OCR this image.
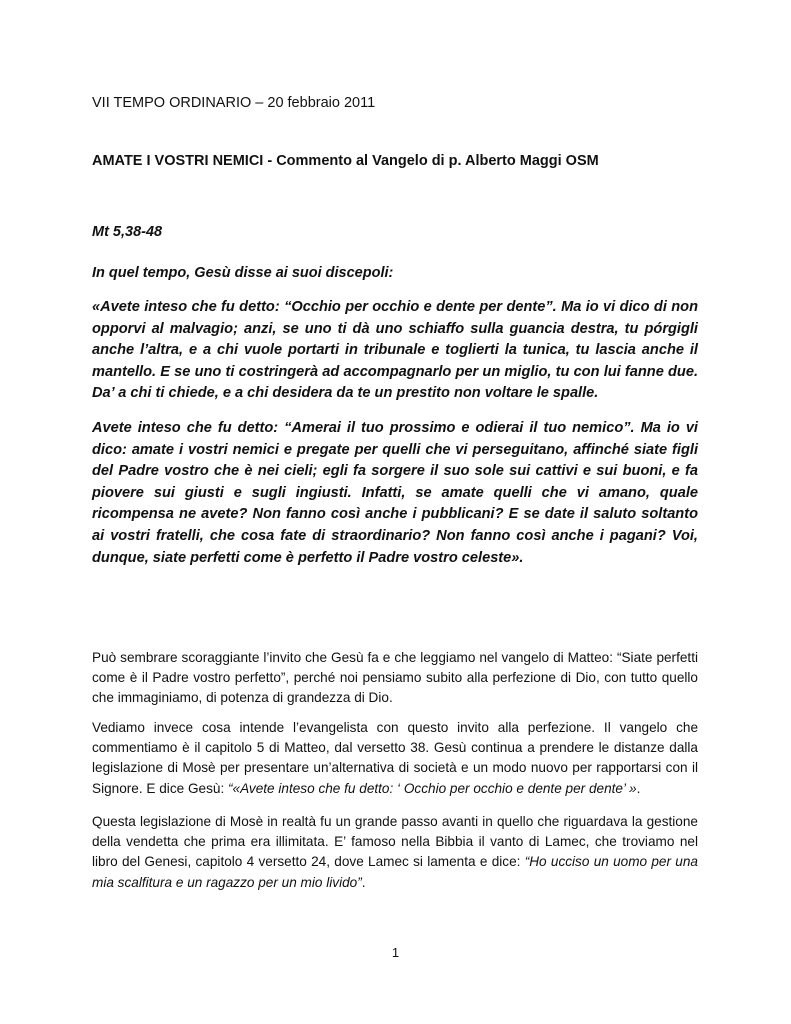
VII TEMPO ORDINARIO – 20 febbraio 2011
AMATE I VOSTRI NEMICI - Commento al Vangelo di p. Alberto Maggi OSM
Mt 5,38-48
In quel tempo, Gesù disse ai suoi discepoli:

«Avete inteso che fu detto: “Occhio per occhio e dente per dente”. Ma io vi dico di non opporvi al malvagio; anzi, se uno ti dà uno schiaffo sulla guancia destra, tu pórgigli anche l’altra, e a chi vuole portarti in tribunale e toglierti la tunica, tu lascia anche il mantello. E se uno ti costringerà ad accompagnarlo per un miglio, tu con lui fanne due. Da’ a chi ti chiede, e a chi desidera da te un prestito non voltare le spalle.

Avete inteso che fu detto: “Amerai il tuo prossimo e odierai il tuo nemico”. Ma io vi dico: amate i vostri nemici e pregate per quelli che vi perseguitano, affinché siate figli del Padre vostro che è nei cieli; egli fa sorgere il suo sole sui cattivi e sui buoni, e fa piovere sui giusti e sugli ingiusti. Infatti, se amate quelli che vi amano, quale ricompensa ne avete? Non fanno così anche i pubblicani? E se date il saluto soltanto ai vostri fratelli, che cosa fate di straordinario? Non fanno così anche i pagani? Voi, dunque, siate perfetti come è perfetto il Padre vostro celeste».

Può sembrare scoraggiante l’invito che Gesù fa e che leggiamo nel vangelo di Matteo: “Siate perfetti come è il Padre vostro perfetto”, perché noi pensiamo subito alla perfezione di Dio, con tutto quello che immaginiamo, di potenza di grandezza di Dio.

Vediamo invece cosa intende l’evangelista con questo invito alla perfezione. Il vangelo che commentiamo è il capitolo 5 di Matteo, dal versetto 38. Gesù continua a prendere le distanze dalla legislazione di Mosè per presentare un’alternativa di società e un modo nuovo per rapportarsi con il Signore. E dice Gesù: “«Avete inteso che fu detto: ‘ Occhio per occhio e dente per dente’ ».

Questa legislazione di Mosè in realtà fu un grande passo avanti in quello che riguardava la gestione della vendetta che prima era illimitata. E’ famoso nella Bibbia il vanto di Lamec, che troviamo nel libro del Genesi, capitolo 4 versetto 24, dove Lamec si lamenta e dice: “Ho ucciso un uomo per una mia scalfitura e un ragazzo per un mio livido”.

1
